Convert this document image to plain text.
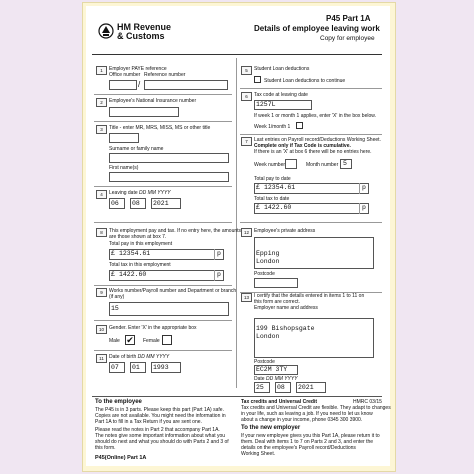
HM Revenue
& Customs
P45 Part 1A
Details of employee leaving work
Copy for employee
1	Employer PAYE reference
Office number Reference number
/
2	Employee's National Insurance number
3	Title - enter MR, MRS, MISS, MS or other title
Surname or family name
First name(s)
4	Leaving date DD MM YYYY
06 08 2021
8	This employment pay and tax. If no entry here, the amounts
are those shown at box 7.
Total pay in this employment
£ 12354.61	p
Total tax in this employment
£ 1422.60	p
9	Works number/Payroll number and Department or branch
(if any)
15
10	Gender. Enter 'X' in the appropriate box
Male ✔ Female
11	Date of birth DD MM YYYY
07 01 1993
5	Student Loan deductions
Student Loan deductions to continue
6	Tax code at leaving date
1257L
If week 1 or month 1 applies, enter 'X' in the box below.
Week 1/month 1
7	Last entries on Payroll record/Deductions Working Sheet.
Complete only if Tax Code is cumulative.
If there is an 'X' at box 6 there will be no entries here.
Week number	Month number 5
Total pay to date
£ 12354.61	p
Total tax to date
£ 1422.60	p
12	Employee's private address
Epping
London
Postcode
13	I certify that the details entered in items 1 to 11 on
this form are correct.
Employer name and address
199 Bishopsgate
London
Postcode
EC2M 3TY
Date DD MM YYYY
25 08 2021
To the employee
The P45 is in 3 parts. Please keep this part (Part 1A) safe.
Copies are not available. You might need the information in
Part 1A to fill in a Tax Return if you are sent one.
Please read the notes in Part 2 that accompany Part 1A.
The notes give some important information about what you
should do next and what you should do with Parts 2 and 3 of
this form.
P45(Online) Part 1A
Tax credits and Universal Credit
Tax credits and Universal Credit are flexible. They adapt to changes
in your life, such as leaving a job. If you need to let us know
about a change in your income, phone 0345 300 3900.
To the new employer
If your new employee gives you this Part 1A, please return it to
them. Deal with items 1 to 7 on Parts 2 and 3, and enter the
details on the employee's Payroll record/Deductions
Working Sheet.
HMRC 03/15
